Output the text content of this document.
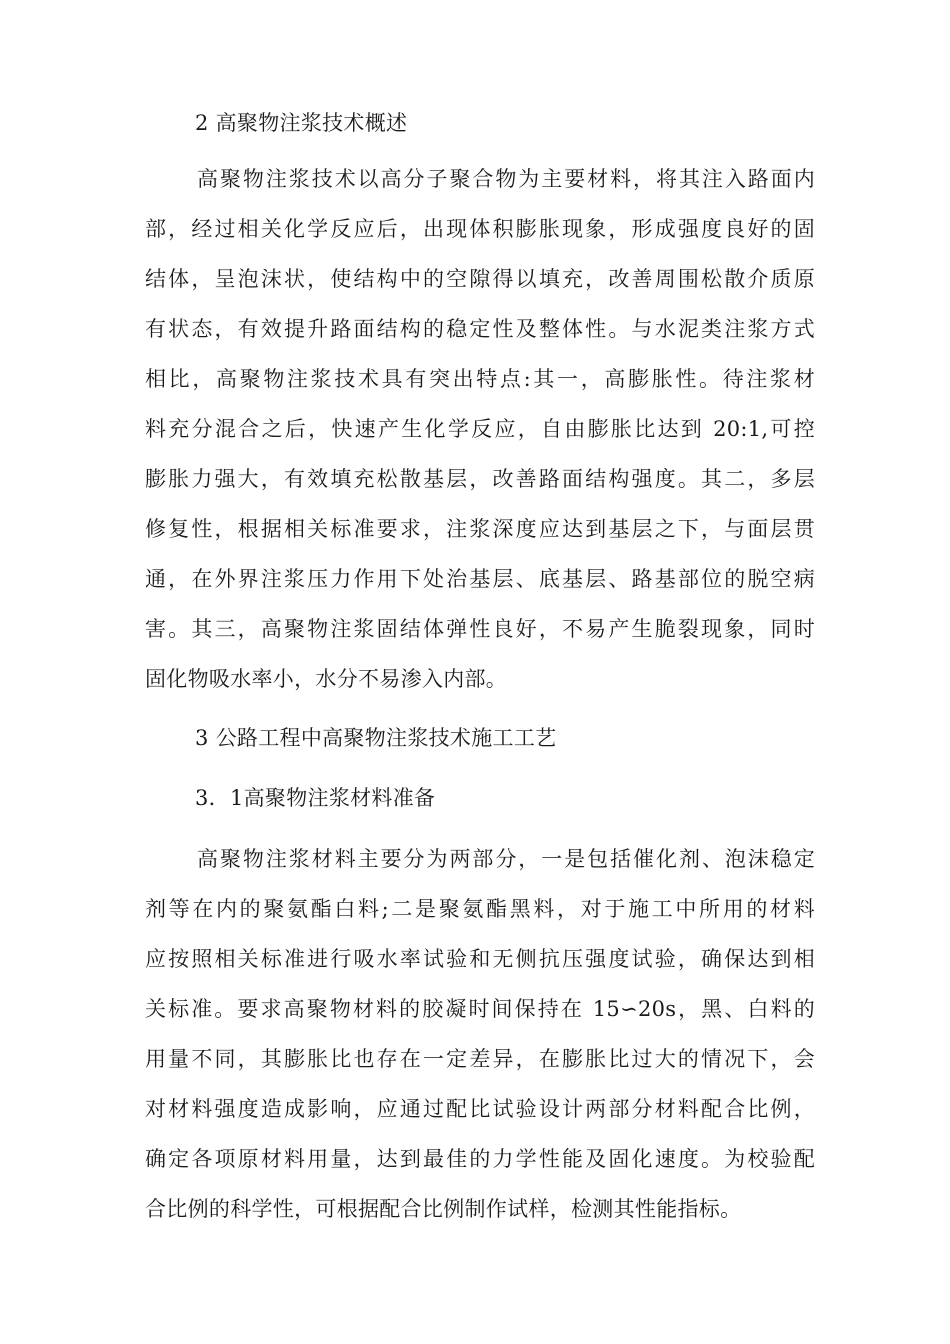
2 高聚物注浆技术概述
高聚物注浆技术以高分子聚合物为主要材料，将其注入路面内
部，经过相关化学反应后，出现体积膨胀现象，形成强度良好的固
结体，呈泡沫状，使结构中的空隙得以填充，改善周围松散介质原
有状态，有效提升路面结构的稳定性及整体性。与水泥类注浆方式
相比，高聚物注浆技术具有突出特点:其一，高膨胀性。待注浆材
料充分混合之后，快速产生化学反应，自由膨胀比达到 20:1,可控
膨胀力强大，有效填充松散基层，改善路面结构强度。其二，多层
修复性，根据相关标准要求，注浆深度应达到基层之下，与面层贯
通，在外界注浆压力作用下处治基层、底基层、路基部位的脱空病
害。其三，高聚物注浆固结体弹性良好，不易产生脆裂现象，同时
固化物吸水率小，水分不易渗入内部。
3 公路工程中高聚物注浆技术施工工艺
3．1高聚物注浆材料准备
高聚物注浆材料主要分为两部分，一是包括催化剂、泡沫稳定
剂等在内的聚氨酯白料;二是聚氨酯黑料，对于施工中所用的材料
应按照相关标准进行吸水率试验和无侧抗压强度试验，确保达到相
关标准。要求高聚物材料的胶凝时间保持在 15∽20s，黑、白料的
用量不同，其膨胀比也存在一定差异，在膨胀比过大的情况下，会
对材料强度造成影响，应通过配比试验设计两部分材料配合比例，
确定各项原材料用量，达到最佳的力学性能及固化速度。为校验配
合比例的科学性，可根据配合比例制作试样，检测其性能指标。
